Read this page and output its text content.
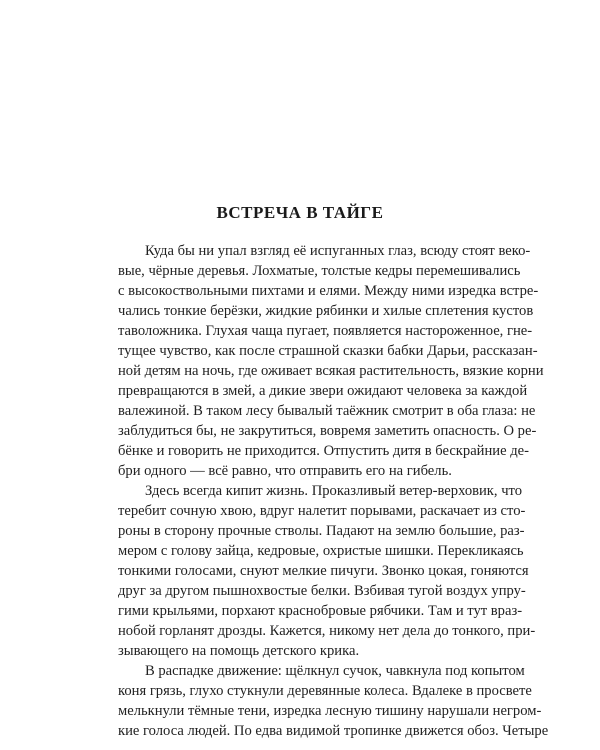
ВСТРЕЧА В ТАЙГЕ
Куда бы ни упал взгляд её испуганных глаз, всюду стоят веко-
вые, чёрные деревья. Лохматые, толстые кедры перемешивались
с высокоствольными пихтами и елями. Между ними изредка встре-
чались тонкие берёзки, жидкие рябинки и хилые сплетения кустов
таволожника. Глухая чаща пугает, появляется настороженное, гне-
тущее чувство, как после страшной сказки бабки Дарьи, рассказан-
ной детям на ночь, где оживает всякая растительность, вязкие корни
превращаются в змей, а дикие звери ожидают человека за каждой
валежиной. В таком лесу бывалый таёжник смотрит в оба глаза: не
заблудиться бы, не закрутиться, вовремя заметить опасность. О ре-
бёнке и говорить не приходится. Отпустить дитя в бескрайние де-
бри одного — всё равно, что отправить его на гибель.
Здесь всегда кипит жизнь. Проказливый ветер-верховик, что
теребит сочную хвою, вдруг налетит порывами, раскачает из сто-
роны в сторону прочные стволы. Падают на землю большие, раз-
мером с голову зайца, кедровые, охристые шишки. Перекликаясь
тонкими голосами, снуют мелкие пичуги. Звонко цокая, гоняются
друг за другом пышнохвостые белки. Взбивая тугой воздух упру-
гими крыльями, порхают краснобровые рябчики. Там и тут враз-
нобой горланят дрозды. Кажется, никому нет дела до тонкого, при-
зывающего на помощь детского крика.
В распадке движение: щёлкнул сучок, чавкнула под копытом
коня грязь, глухо стукнули деревянные колеса. Вдалеке в просвете
мелькнули тёмные тени, изредка лесную тишину нарушали негром-
кие голоса людей. По едва видимой тропинке движется обоз. Четыре
